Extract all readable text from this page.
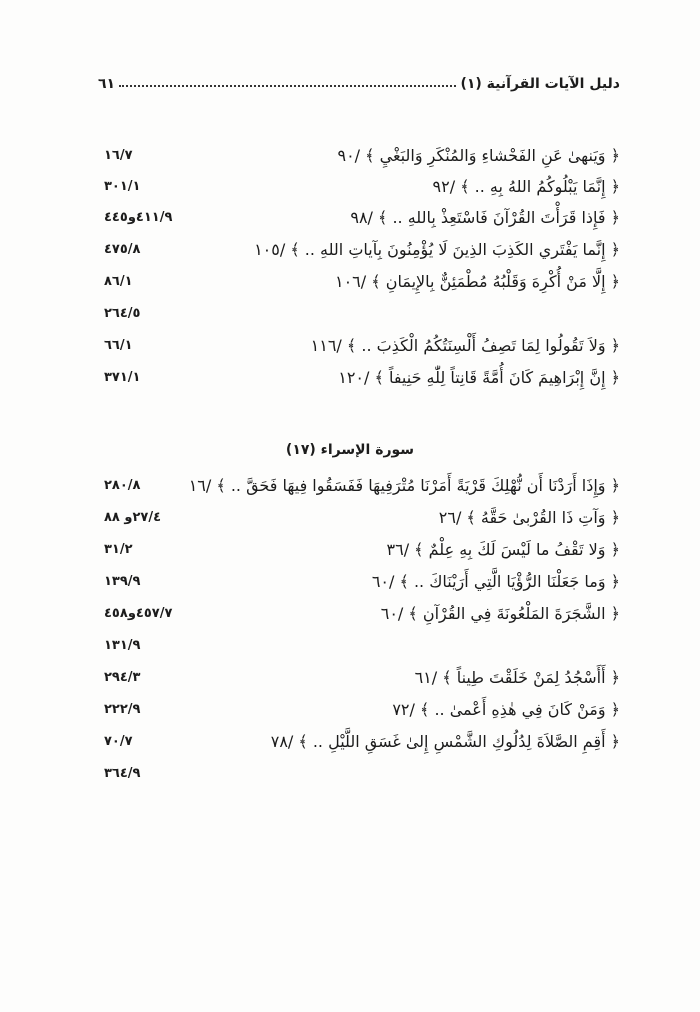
دليل الآيات القرآنية (١)
٦١
﴿ وَيَنهىٰ عَنِ الفَحْشاءِ وَالمُنْكَرِ وَالبَغْيِ ﴾ /٩٠
١٦/٧
﴿ إِنَّمَا يَبْلُوكُمُ اللهُ بِهِ .. ﴾ /٩٢
٣٠١/١
﴿ فَإِذا قَرَأْتَ القُرْآنَ فَاسْتَعِذْ بِاللهِ .. ﴾ /٩٨
٤١١/٩و٤٤٥
﴿ إِنَّما يَفْتَري الكَذِبَ الذِينَ لَا يُؤْمِنُونَ بِآياتِ اللهِ .. ﴾ /١٠٥
٤٧٥/٨
﴿ إِلَّا مَنْ أُكْرِهَ وَقَلْبُهُ مُطْمَئِنٌّ بِالإِيمَانِ ﴾ /١٠٦
٨٦/١
٢٦٤/٥
﴿ وَلاَ تَقُولُوا لِمَا تَصِفُ أَلْسِنَتُكُمُ الْكَذِبَ .. ﴾ /١١٦
٦٦/١
﴿ إِنَّ إِبْرَاهِيمَ كَانَ أُمَّةً قَانِتاً لِلّٰهِ حَنِيفاً ﴾ /١٢٠
٣٧١/١
سورة الإسراء (١٧)
﴿ وَإِذَا أَرَدْنَا أَن نُّهْلِكَ قَرْيَةً أَمَرْنَا مُتْرَفِيهَا فَفَسَقُوا فِيهَا فَحَقَّ .. ﴾ /١٦
٢٨٠/٨
﴿ وَآتِ ذَا القُرْبىٰ حَقَّهُ ﴾ /٢٦
٢٧/٤و ٨٨
﴿ وَلا تَقْفُ ما لَيْسَ لَكَ بِهِ عِلْمٌ ﴾ /٣٦
٣١/٢
﴿ وَما جَعَلْنَا الرُّؤْيَا الَّتِي أَرَيْنَاكَ .. ﴾ /٦٠
١٣٩/٩
﴿ الشَّجَرَةَ المَلْعُونَةَ فِي القُرْآنِ ﴾ /٦٠
٤٥٧/٧و٤٥٨
١٣١/٩
﴿ أَأَسْجُدُ لِمَنْ خَلَقْتَ طِيناً ﴾ /٦١
٢٩٤/٣
﴿ وَمَنْ كَانَ فِي هٰذِهِ أَعْمىٰ .. ﴾ /٧٢
٢٢٢/٩
﴿ أَقِمِ الصَّلاَةَ لِدُلُوكِ الشَّمْسِ إِلىٰ غَسَقِ اللَّيْلِ .. ﴾ /٧٨
٧٠/٧
٣٦٤/٩
